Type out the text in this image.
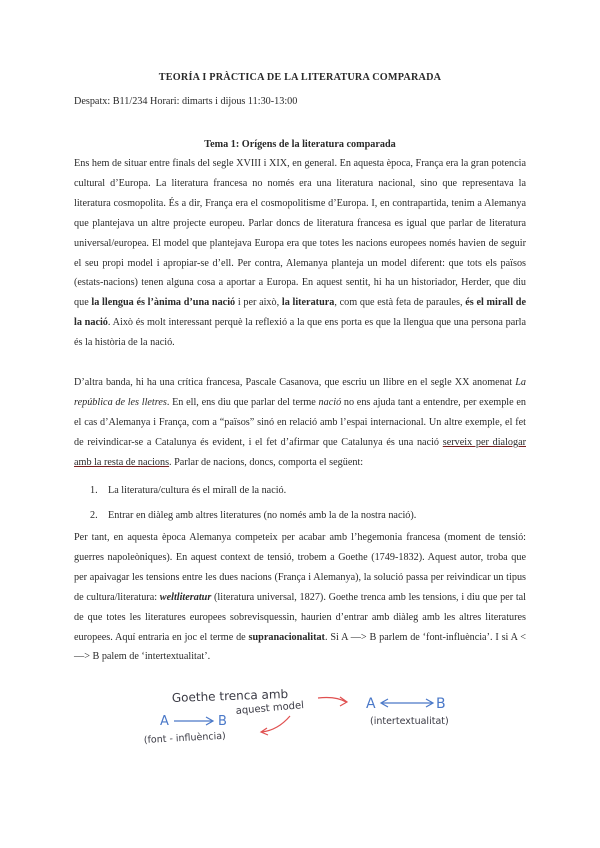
TEORÍA I PRÀCTICA DE LA LITERATURA COMPARADA
Despatx: B11/234 Horari: dimarts i dijous 11:30-13:00
Tema 1: Orígens de la literatura comparada
Ens hem de situar entre finals del segle XVIII i XIX, en general. En aquesta època, França era la gran potencia cultural d’Europa. La literatura francesa no només era una literatura nacional, sino que representava la literatura cosmopolita. És a dir, França era el cosmopolitisme d’Europa. I, en contrapartida, tenim a Alemanya que plantejava un altre projecte europeu. Parlar doncs de literatura francesa es igual que parlar de literatura universal/europea. El model que plantejava Europa era que totes les nacions europees només havien de seguir el seu propi model i apropiar-se d’ell. Per contra, Alemanya planteja un model diferent: que tots els països (estats-nacions) tenen alguna cosa a aportar a Europa. En aquest sentit, hi ha un historiador, Herder, que diu que la llengua és l’ànima d’una nació i per això, la literatura, com que està feta de paraules, és el mirall de la nació. Això és molt interessant perquè la reflexió a la que ens porta es que la llengua que una persona parla és la història de la nació.
D’altra banda, hi ha una crítica francesa, Pascale Casanova, que escriu un llibre en el segle XX anomenat La república de les lletres. En ell, ens diu que parlar del terme nació no ens ajuda tant a entendre, per exemple en el cas d’Alemanya i França, com a “països” sinó en relació amb l’espai internacional. Un altre exemple, el fet de reivindicar-se a Catalunya és evident, i el fet d’afirmar que Catalunya és una nació serveix per dialogar amb la resta de nacions. Parlar de nacions, doncs, comporta el següent:
1. La literatura/cultura és el mirall de la nació.
2. Entrar en diàleg amb altres literatures (no només amb la de la nostra nació).
Per tant, en aquesta època Alemanya competeix per acabar amb l’hegemonia francesa (moment de tensió: guerres napoleòniques). En aquest context de tensió, trobem a Goethe (1749-1832). Aquest autor, troba que per apaivagar les tensions entre les dues nacions (França i Alemanya), la solució passa per reivindicar un tipus de cultura/literatura: weltliteratur (literatura universal, 1827). Goethe trenca amb les tensions, i diu que per tal de que totes les literatures europees sobrevisquessin, haurien d’entrar amb diàleg amb les altres literatures europees. Aquí entraria en joc el terme de supranacionalitat. Si A —> B parlem de ‘font-influència’. I si A <—> B palem de ‘intertextualitat’.
Goethe trenca amb
aquest model
A	B
(font - influència)
A	B
(intertextualitat)
